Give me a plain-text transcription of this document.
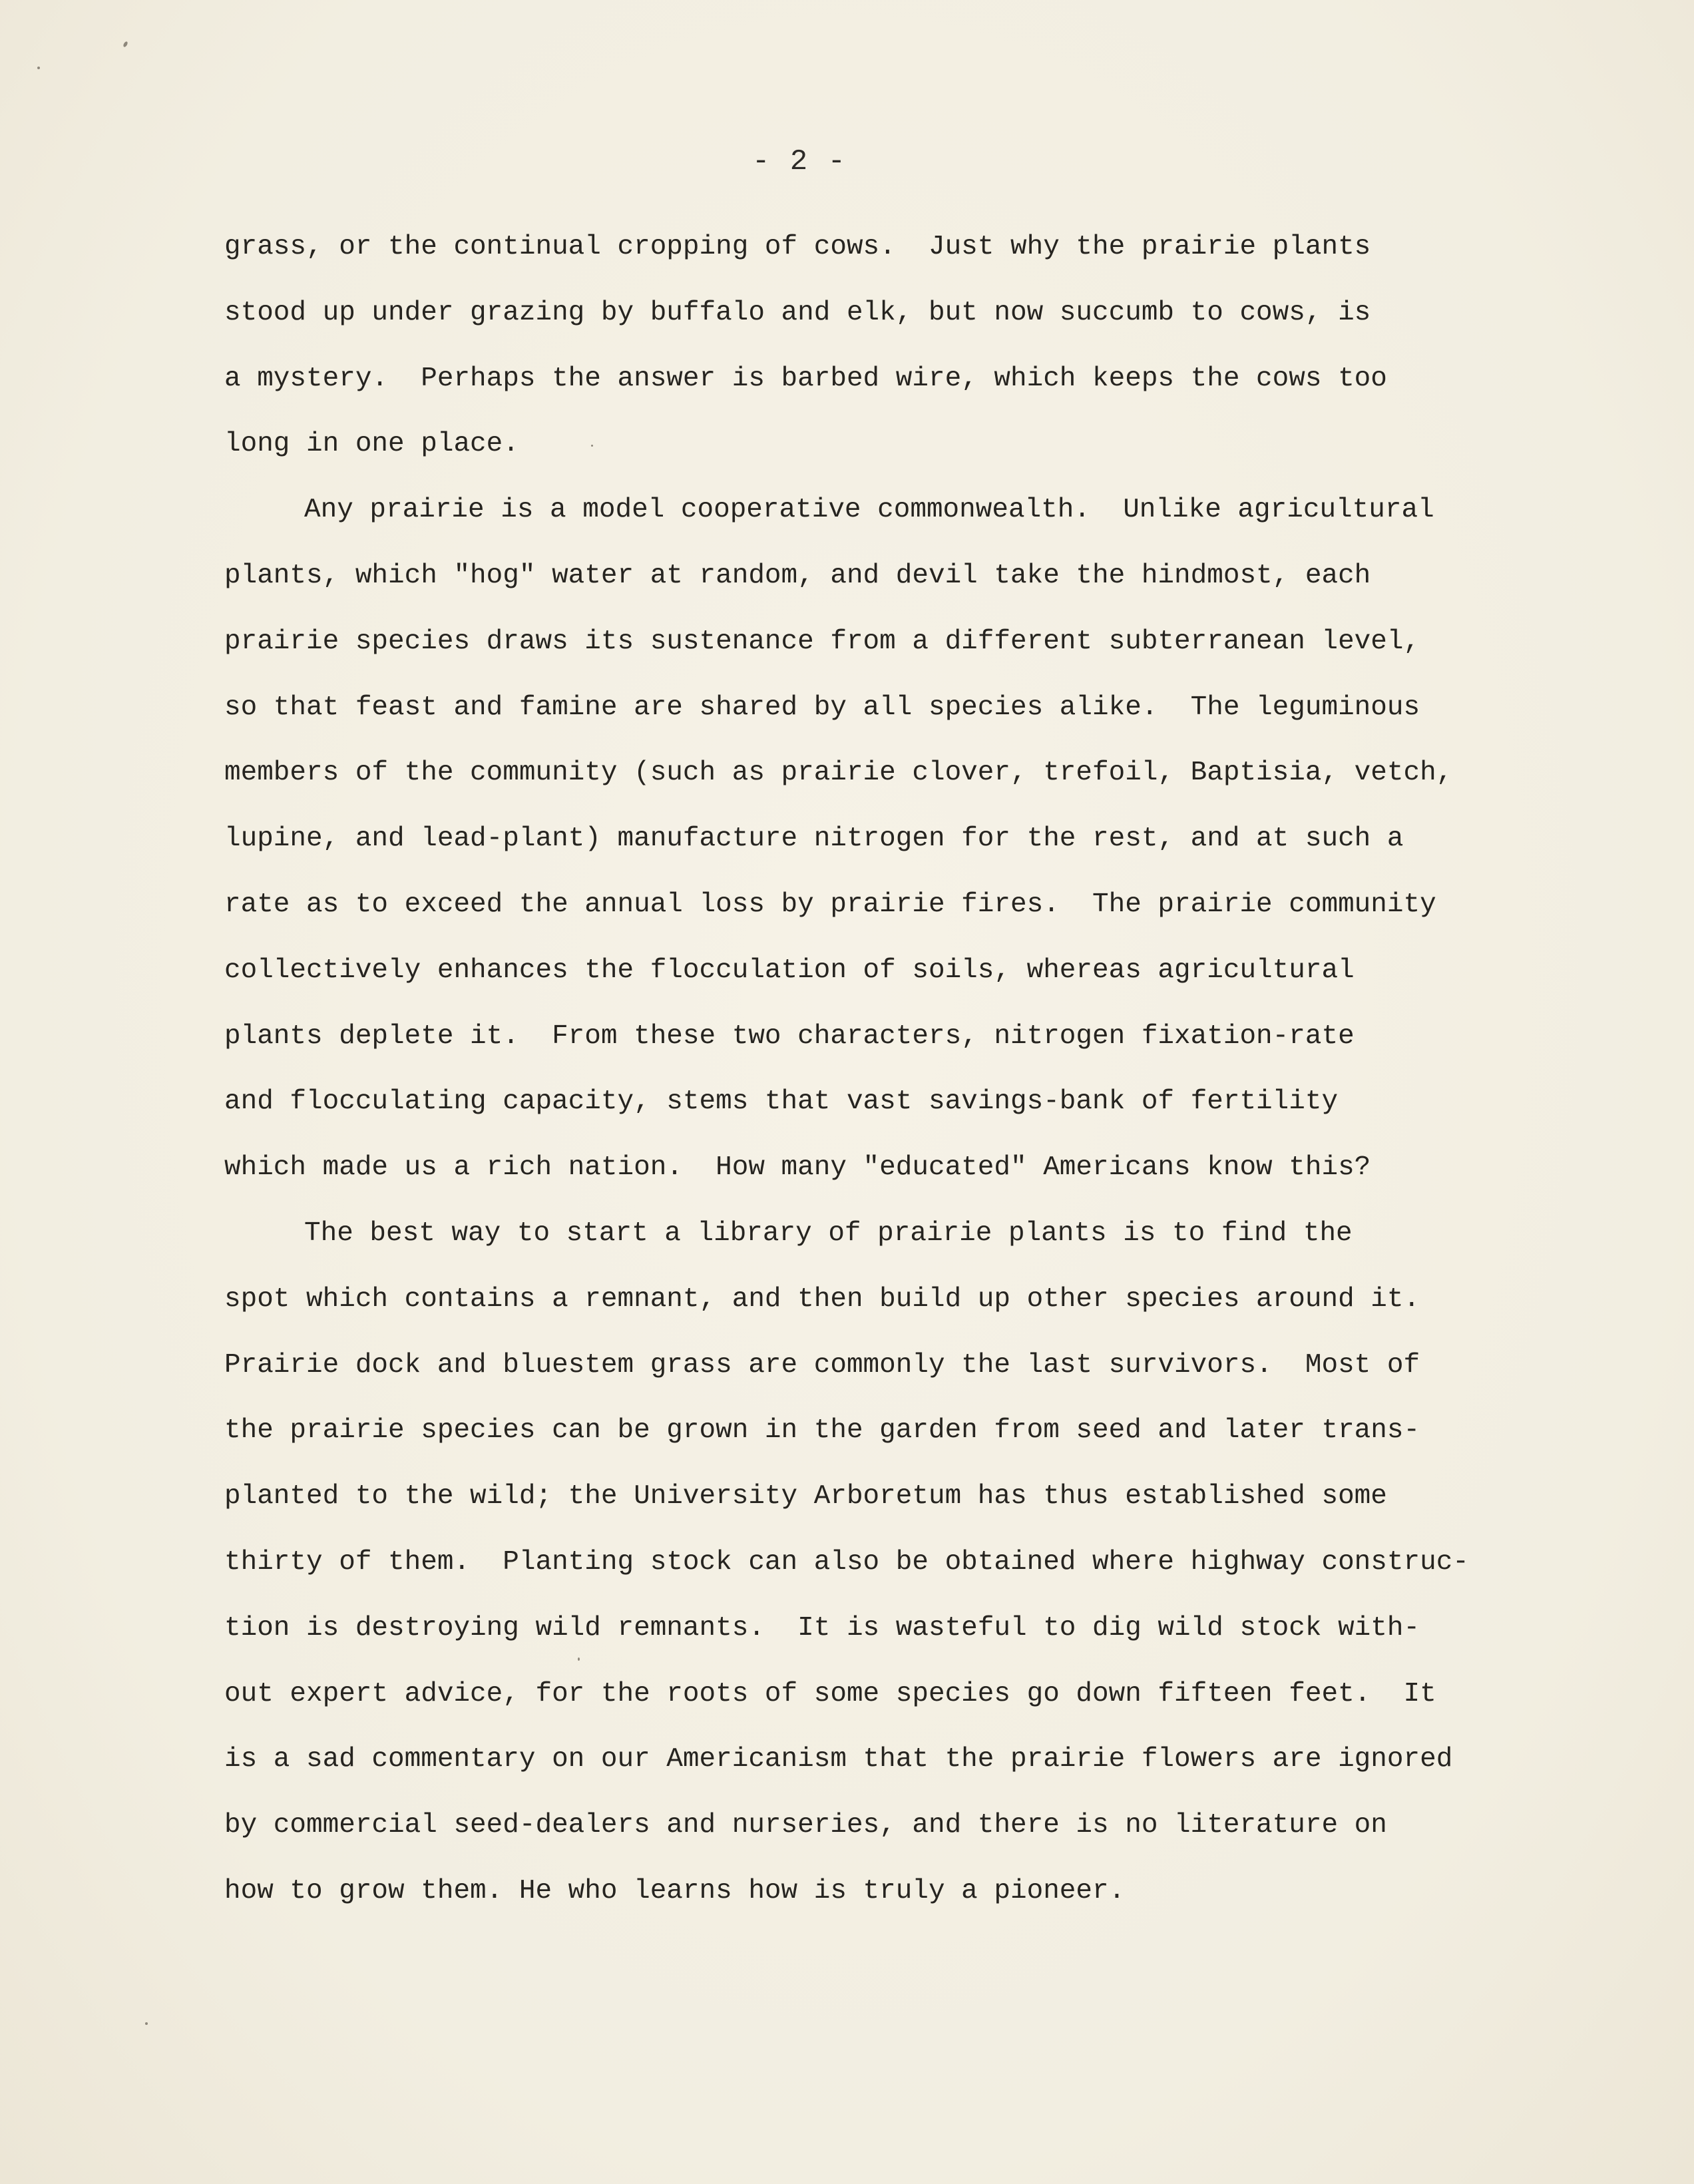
- 2 -
grass, or the continual cropping of cows.  Just why the prairie plants
stood up under grazing by buffalo and elk, but now succumb to cows, is
a mystery.  Perhaps the answer is barbed wire, which keeps the cows too
long in one place.
Any prairie is a model cooperative commonwealth.  Unlike agricultural
plants, which "hog" water at random, and devil take the hindmost, each
prairie species draws its sustenance from a different subterranean level,
so that feast and famine are shared by all species alike.  The leguminous
members of the community (such as prairie clover, trefoil, Baptisia, vetch,
lupine, and lead-plant) manufacture nitrogen for the rest, and at such a
rate as to exceed the annual loss by prairie fires.  The prairie community
collectively enhances the flocculation of soils, whereas agricultural
plants deplete it.  From these two characters, nitrogen fixation-rate
and flocculating capacity, stems that vast savings-bank of fertility
which made us a rich nation.  How many "educated" Americans know this?
The best way to start a library of prairie plants is to find the
spot which contains a remnant, and then build up other species around it.
Prairie dock and bluestem grass are commonly the last survivors.  Most of
the prairie species can be grown in the garden from seed and later trans-
planted to the wild; the University Arboretum has thus established some
thirty of them.  Planting stock can also be obtained where highway construc-
tion is destroying wild remnants.  It is wasteful to dig wild stock with-
out expert advice, for the roots of some species go down fifteen feet.  It
is a sad commentary on our Americanism that the prairie flowers are ignored
by commercial seed-dealers and nurseries, and there is no literature on
how to grow them. He who learns how is truly a pioneer.
